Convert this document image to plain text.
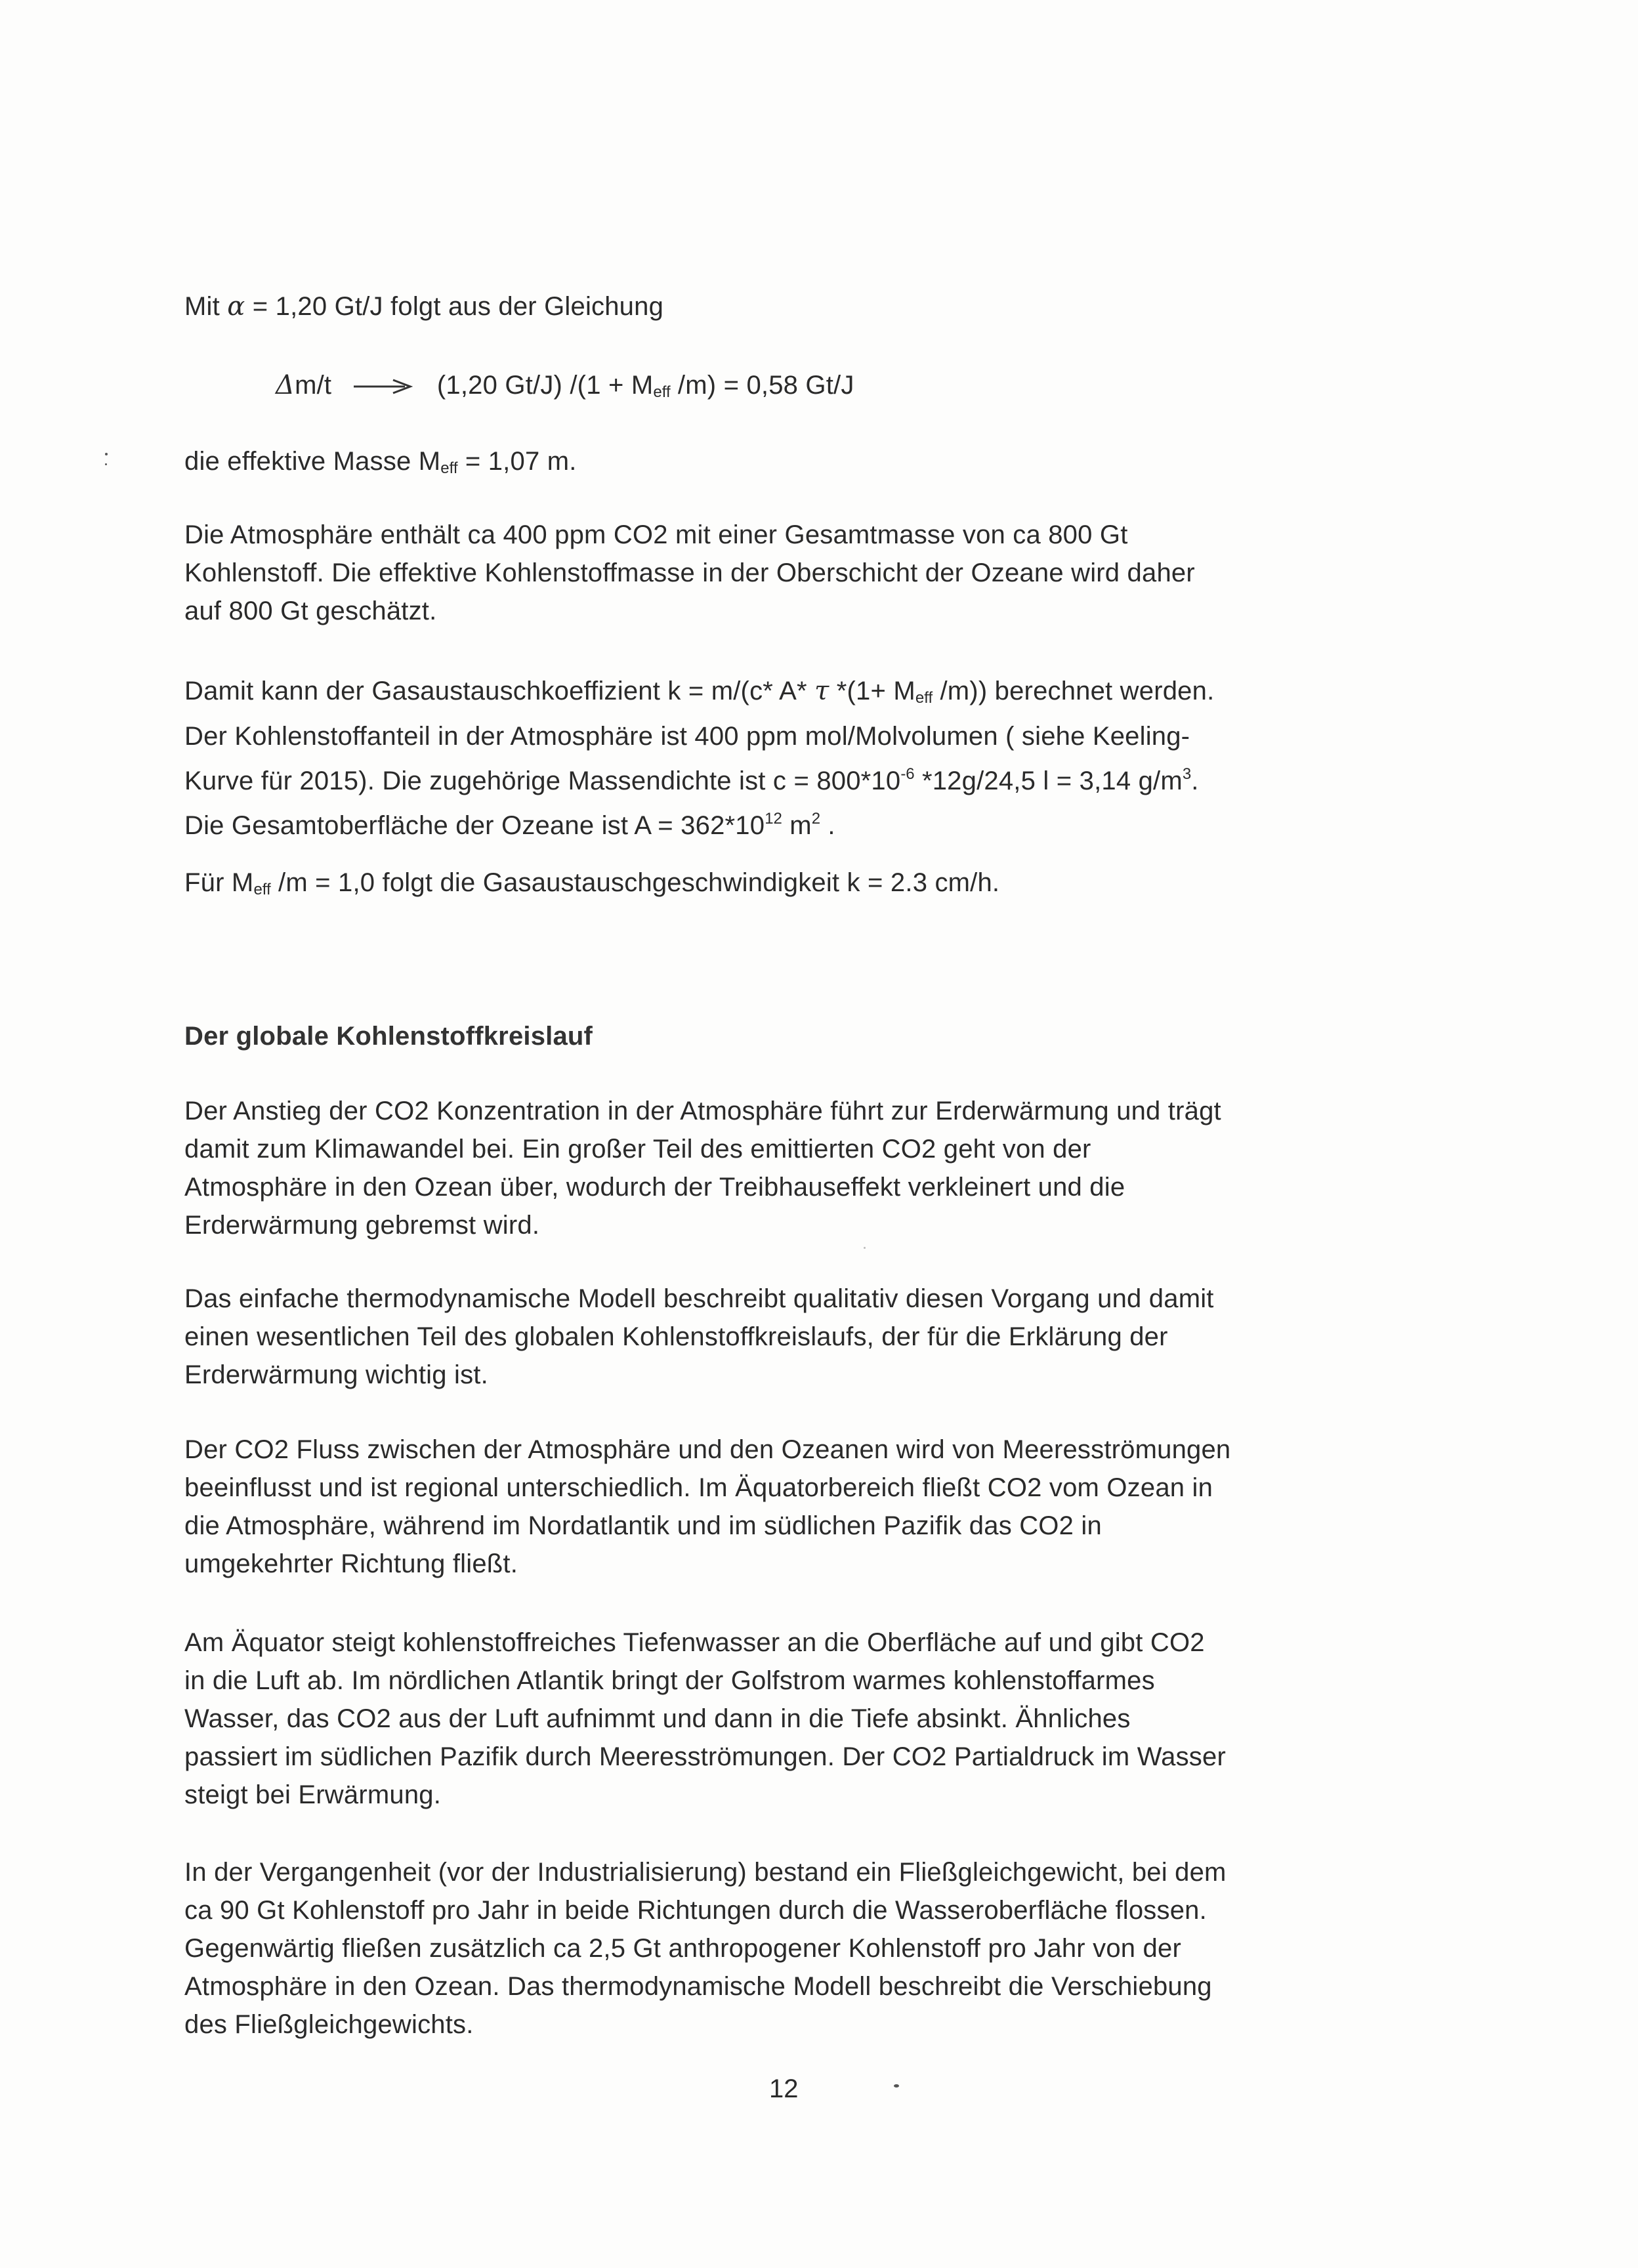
Mit α = 1,20 Gt/J folgt aus der Gleichung
Δm/t	(1,20 Gt/J) $/(1 + M_{eff}$ /m) = 0,58 Gt/J
die effektive Masse $M_{eff} = 1,07$ m.
Die Atmosphäre enthält ca 400 ppm CO2 mit einer Gesamtmasse von ca 800 Gt
Kohlenstoff. Die effektive Kohlenstoffmasse in der Oberschicht der Ozeane wird daher
auf 800 Gt geschätzt.
Damit kann der Gasaustauschkoeffizient k = m/(c* A* τ $*(1+ M_{eff}$ /m)) berechnet werden.
Der Kohlenstoffanteil in der Atmosphäre ist 400 ppm mol/Molvolumen ( siehe Keeling-
Kurve für 2015). Die zugehörige Massendichte ist $c = 800*10^{-6}$ *12g/24,5 l = 3,14 $g/m^3$.
Die Gesamtoberfläche der Ozeane ist $A = 362*10^{12}$ $m^2$ .
Für $M_{eff}$ /m = 1,0 folgt die Gasaustauschgeschwindigkeit k = 2.3 cm/h.
Der globale Kohlenstoffkreislauf
Der Anstieg der CO2 Konzentration in der Atmosphäre führt zur Erderwärmung und trägt
damit zum Klimawandel bei. Ein großer Teil des emittierten CO2 geht von der
Atmosphäre in den Ozean über, wodurch der Treibhauseffekt verkleinert und die
Erderwärmung gebremst wird.
Das einfache thermodynamische Modell beschreibt qualitativ diesen Vorgang und damit
einen wesentlichen Teil des globalen Kohlenstoffkreislaufs, der für die Erklärung der
Erderwärmung wichtig ist.
Der CO2 Fluss zwischen der Atmosphäre und den Ozeanen wird von Meeresströmungen
beeinflusst und ist regional unterschiedlich. Im Äquatorbereich fließt CO2 vom Ozean in
die Atmosphäre, während im Nordatlantik und im südlichen Pazifik das CO2 in
umgekehrter Richtung fließt.
Am Äquator steigt kohlenstoffreiches Tiefenwasser an die Oberfläche auf und gibt CO2
in die Luft ab. Im nördlichen Atlantik bringt der Golfstrom warmes kohlenstoffarmes
Wasser, das CO2 aus der Luft aufnimmt und dann in die Tiefe absinkt. Ähnliches
passiert im südlichen Pazifik durch Meeresströmungen. Der CO2 Partialdruck im Wasser
steigt bei Erwärmung.
In der Vergangenheit (vor der Industrialisierung) bestand ein Fließgleichgewicht, bei dem
ca 90 Gt Kohlenstoff pro Jahr in beide Richtungen durch die Wasseroberfläche flossen.
Gegenwärtig fließen zusätzlich ca 2,5 Gt anthropogener Kohlenstoff pro Jahr von der
Atmosphäre in den Ozean. Das thermodynamische Modell beschreibt die Verschiebung
des Fließgleichgewichts.
12
